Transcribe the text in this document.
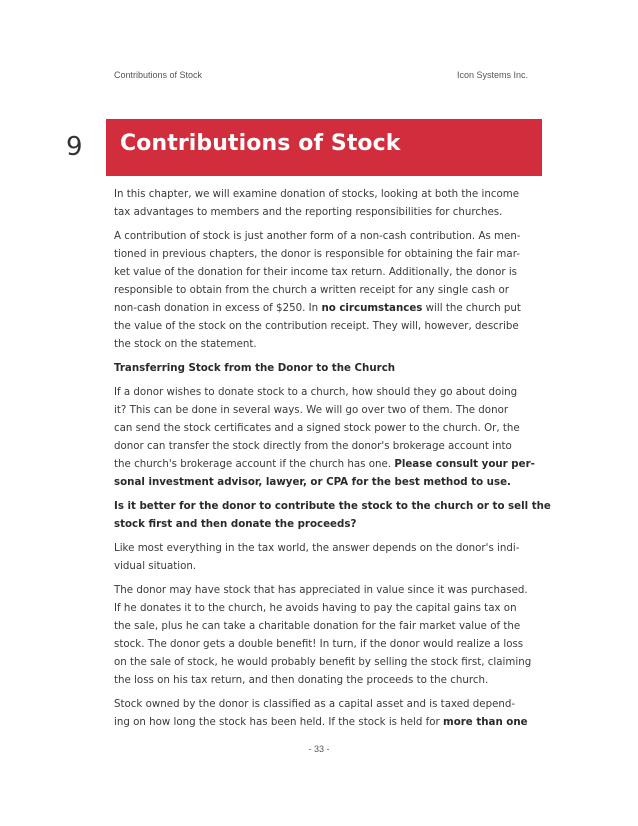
Contributions of Stock	Icon Systems Inc.
9 Contributions of Stock

In this chapter, we will examine donation of stocks, looking at both the income
tax advantages to members and the reporting responsibilities for churches.

A contribution of stock is just another form of a non-cash contribution. As men-
tioned in previous chapters, the donor is responsible for obtaining the fair mar-
ket value of the donation for their income tax return. Additionally, the donor is
responsible to obtain from the church a written receipt for any single cash or
non-cash donation in excess of $250. In no circumstances will the church put
the value of the stock on the contribution receipt. They will, however, describe
the stock on the statement.

Transferring Stock from the Donor to the Church

If a donor wishes to donate stock to a church, how should they go about doing
it? This can be done in several ways. We will go over two of them. The donor
can send the stock certificates and a signed stock power to the church. Or, the
donor can transfer the stock directly from the donor's brokerage account into
the church's brokerage account if the church has one. Please consult your per-
sonal investment advisor, lawyer, or CPA for the best method to use.

Is it better for the donor to contribute the stock to the church or to sell the
stock first and then donate the proceeds?

Like most everything in the tax world, the answer depends on the donor's indi-
vidual situation.

The donor may have stock that has appreciated in value since it was purchased.
If he donates it to the church, he avoids having to pay the capital gains tax on
the sale, plus he can take a charitable donation for the fair market value of the
stock. The donor gets a double benefit! In turn, if the donor would realize a loss
on the sale of stock, he would probably benefit by selling the stock first, claiming
the loss on his tax return, and then donating the proceeds to the church.

Stock owned by the donor is classified as a capital asset and is taxed depend-
ing on how long the stock has been held. If the stock is held for more than one

- 33 -
